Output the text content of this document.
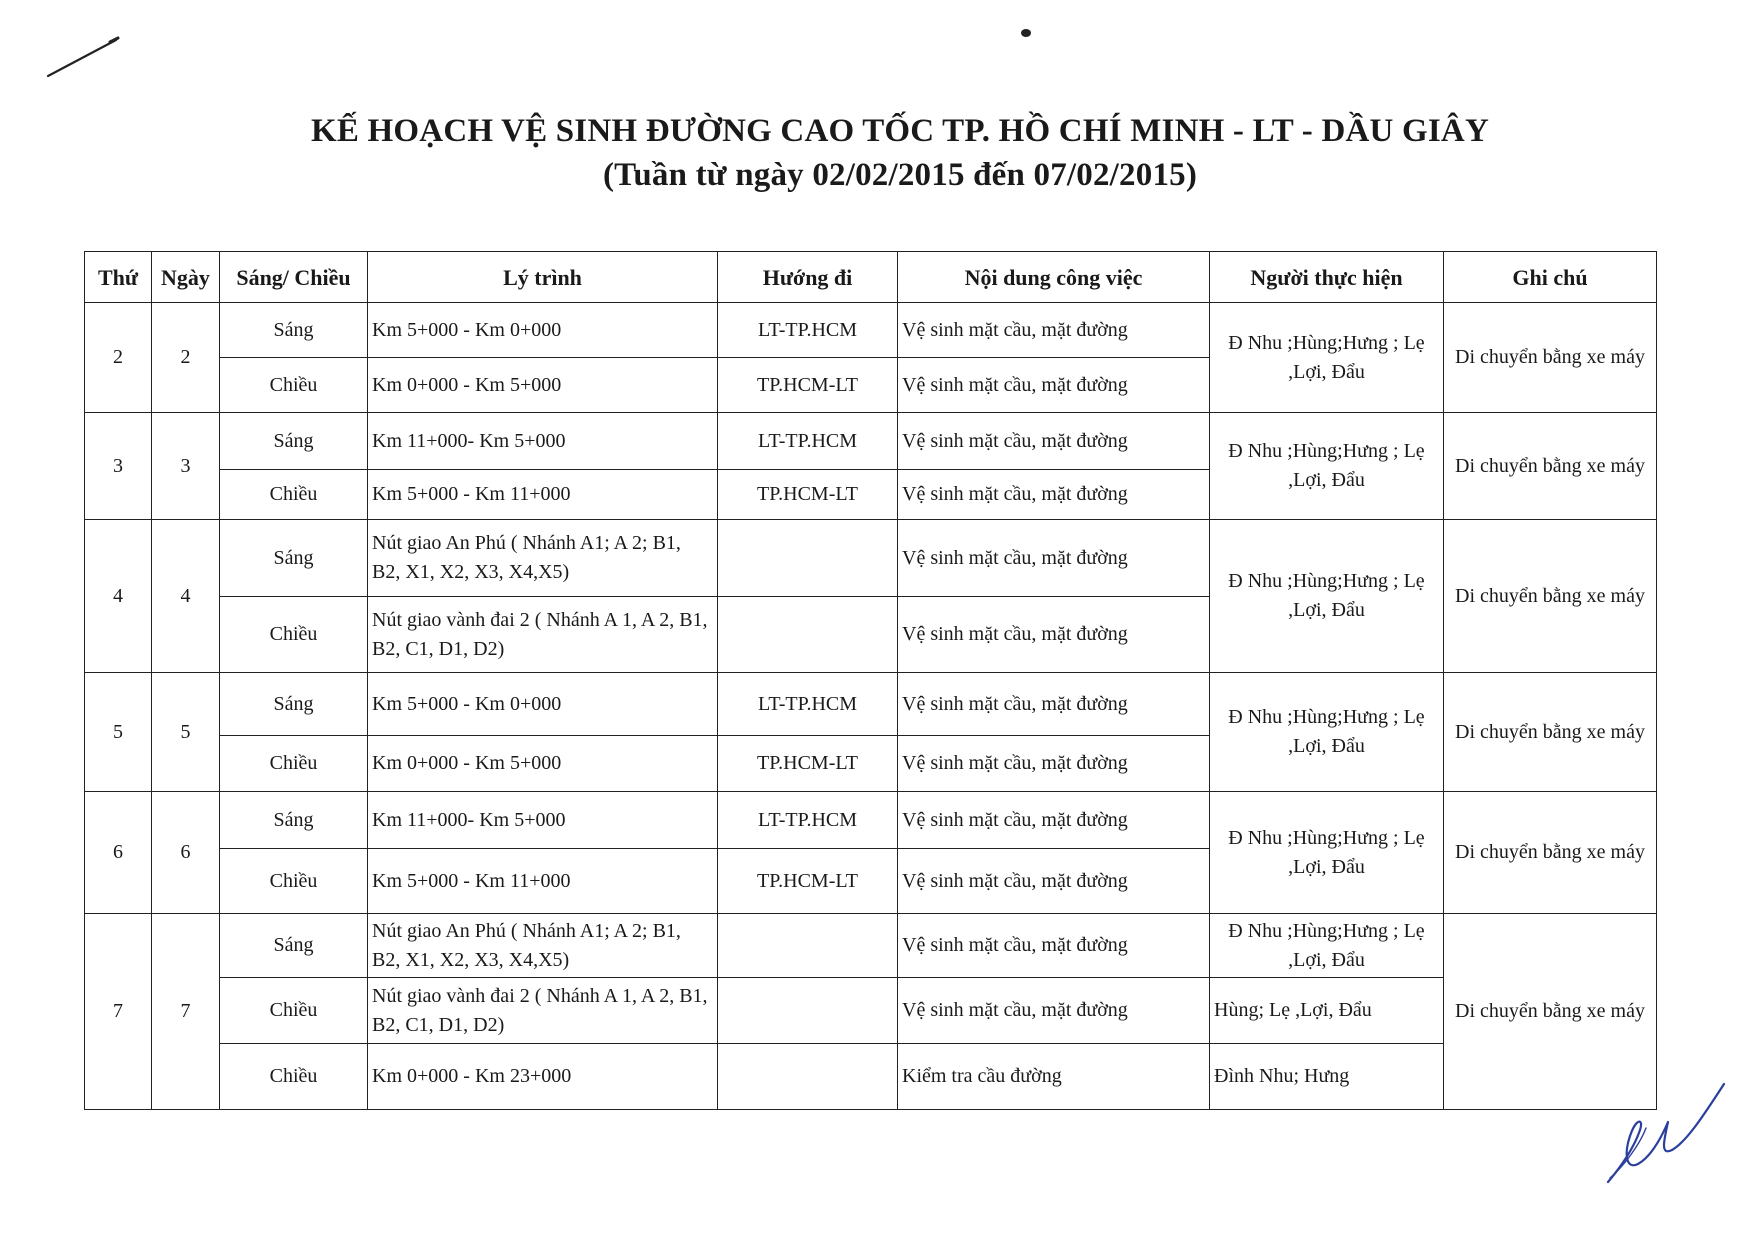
KẾ HOẠCH VỆ SINH ĐƯỜNG CAO TỐC TP. HỒ CHÍ MINH - LT - DẦU GIÂY
(Tuần từ ngày 02/02/2015 đến 07/02/2015)
Thứ	Ngày	Sáng/ Chiều	Lý trình	Hướng đi	Nội dung công việc	Người thực hiện	Ghi chú
2	2	Sáng	Km 5+000 - Km 0+000	LT-TP.HCM	Vệ sinh mặt cầu, mặt đường	Đ Nhu ;Hùng;Hưng ; Lẹ ,Lợi, Đẩu	Di chuyển bằng xe máy
		Chiều	Km 0+000 - Km 5+000	TP.HCM-LT	Vệ sinh mặt cầu, mặt đường		
3	3	Sáng	Km 11+000- Km 5+000	LT-TP.HCM	Vệ sinh mặt cầu, mặt đường	Đ Nhu ;Hùng;Hưng ; Lẹ ,Lợi, Đẩu	Di chuyển bằng xe máy
		Chiều	Km 5+000 - Km 11+000	TP.HCM-LT	Vệ sinh mặt cầu, mặt đường		
4	4	Sáng	Nút giao An Phú ( Nhánh A1; A 2; B1, B2, X1, X2, X3, X4,X5)		Vệ sinh mặt cầu, mặt đường	Đ Nhu ;Hùng;Hưng ; Lẹ ,Lợi, Đẩu	Di chuyển bằng xe máy
		Chiều	Nút giao vành đai 2 ( Nhánh A 1, A 2, B1, B2, C1, D1, D2)		Vệ sinh mặt cầu, mặt đường		
5	5	Sáng	Km 5+000 - Km 0+000	LT-TP.HCM	Vệ sinh mặt cầu, mặt đường	Đ Nhu ;Hùng;Hưng ; Lẹ ,Lợi, Đẩu	Di chuyển bằng xe máy
		Chiều	Km 0+000 - Km 5+000	TP.HCM-LT	Vệ sinh mặt cầu, mặt đường		
6	6	Sáng	Km 11+000- Km 5+000	LT-TP.HCM	Vệ sinh mặt cầu, mặt đường	Đ Nhu ;Hùng;Hưng ; Lẹ ,Lợi, Đẩu	Di chuyển bằng xe máy
		Chiều	Km 5+000 - Km 11+000	TP.HCM-LT	Vệ sinh mặt cầu, mặt đường		
7	7	Sáng	Nút giao An Phú ( Nhánh A1; A 2; B1, B2, X1, X2, X3, X4,X5)		Vệ sinh mặt cầu, mặt đường	Đ Nhu ;Hùng;Hưng ; Lẹ ,Lợi, Đẩu	Di chuyển bằng xe máy
		Chiều	Nút giao vành đai 2 ( Nhánh A 1, A 2, B1, B2, C1, D1, D2)		Vệ sinh mặt cầu, mặt đường	Hùng; Lẹ ,Lợi, Đẩu	
		Chiều	Km 0+000 - Km 23+000		Kiểm tra cầu đường	Đình Nhu; Hưng	
